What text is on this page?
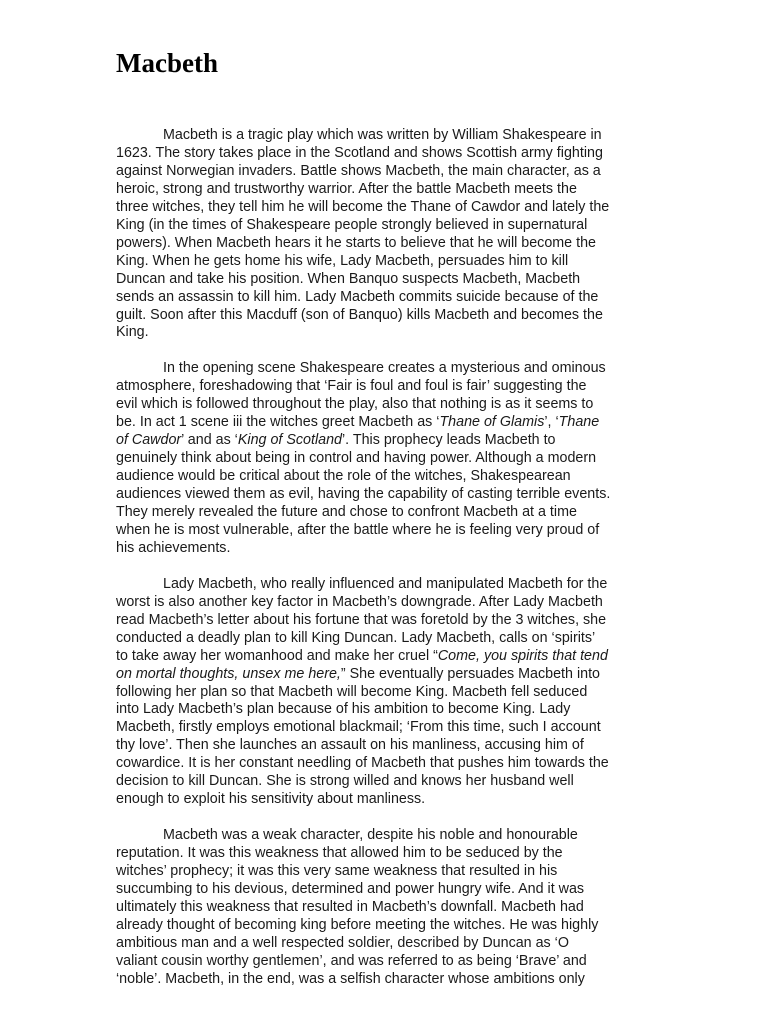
Macbeth

Macbeth is a tragic play which was written by William Shakespeare in
1623. The story takes place in the Scotland and shows Scottish army fighting
against Norwegian invaders. Battle shows Macbeth, the main character, as a
heroic, strong and trustworthy warrior. After the battle Macbeth meets the
three witches, they tell him he will become the Thane of Cawdor and lately the
King (in the times of Shakespeare people strongly believed in supernatural
powers). When Macbeth hears it he starts to believe that he will become the
King. When he gets home his wife, Lady Macbeth, persuades him to kill
Duncan and take his position. When Banquo suspects Macbeth, Macbeth
sends an assassin to kill him. Lady Macbeth commits suicide because of the
guilt. Soon after this Macduff (son of Banquo) kills Macbeth and becomes the
King.

In the opening scene Shakespeare creates a mysterious and ominous
atmosphere, foreshadowing that ‘Fair is foul and foul is fair’ suggesting the
evil which is followed throughout the play, also that nothing is as it seems to
be. In act 1 scene iii the witches greet Macbeth as ‘Thane of Glamis’, ‘Thane
of Cawdor’ and as ‘King of Scotland’. This prophecy leads Macbeth to
genuinely think about being in control and having power. Although a modern
audience would be critical about the role of the witches, Shakespearean
audiences viewed them as evil, having the capability of casting terrible events.
They merely revealed the future and chose to confront Macbeth at a time
when he is most vulnerable, after the battle where he is feeling very proud of
his achievements.

Lady Macbeth, who really influenced and manipulated Macbeth for the
worst is also another key factor in Macbeth’s downgrade. After Lady Macbeth
read Macbeth’s letter about his fortune that was foretold by the 3 witches, she
conducted a deadly plan to kill King Duncan. Lady Macbeth, calls on ‘spirits’
to take away her womanhood and make her cruel “Come, you spirits that tend
on mortal thoughts, unsex me here,” She eventually persuades Macbeth into
following her plan so that Macbeth will become King. Macbeth fell seduced
into Lady Macbeth’s plan because of his ambition to become King. Lady
Macbeth, firstly employs emotional blackmail; ‘From this time, such I account
thy love’. Then she launches an assault on his manliness, accusing him of
cowardice. It is her constant needling of Macbeth that pushes him towards the
decision to kill Duncan. She is strong willed and knows her husband well
enough to exploit his sensitivity about manliness.

Macbeth was a weak character, despite his noble and honourable
reputation. It was this weakness that allowed him to be seduced by the
witches’ prophecy; it was this very same weakness that resulted in his
succumbing to his devious, determined and power hungry wife. And it was
ultimately this weakness that resulted in Macbeth’s downfall. Macbeth had
already thought of becoming king before meeting the witches. He was highly
ambitious man and a well respected soldier, described by Duncan as ‘O
valiant cousin worthy gentlemen’, and was referred to as being ‘Brave’ and
‘noble’. Macbeth, in the end, was a selfish character whose ambitions only
